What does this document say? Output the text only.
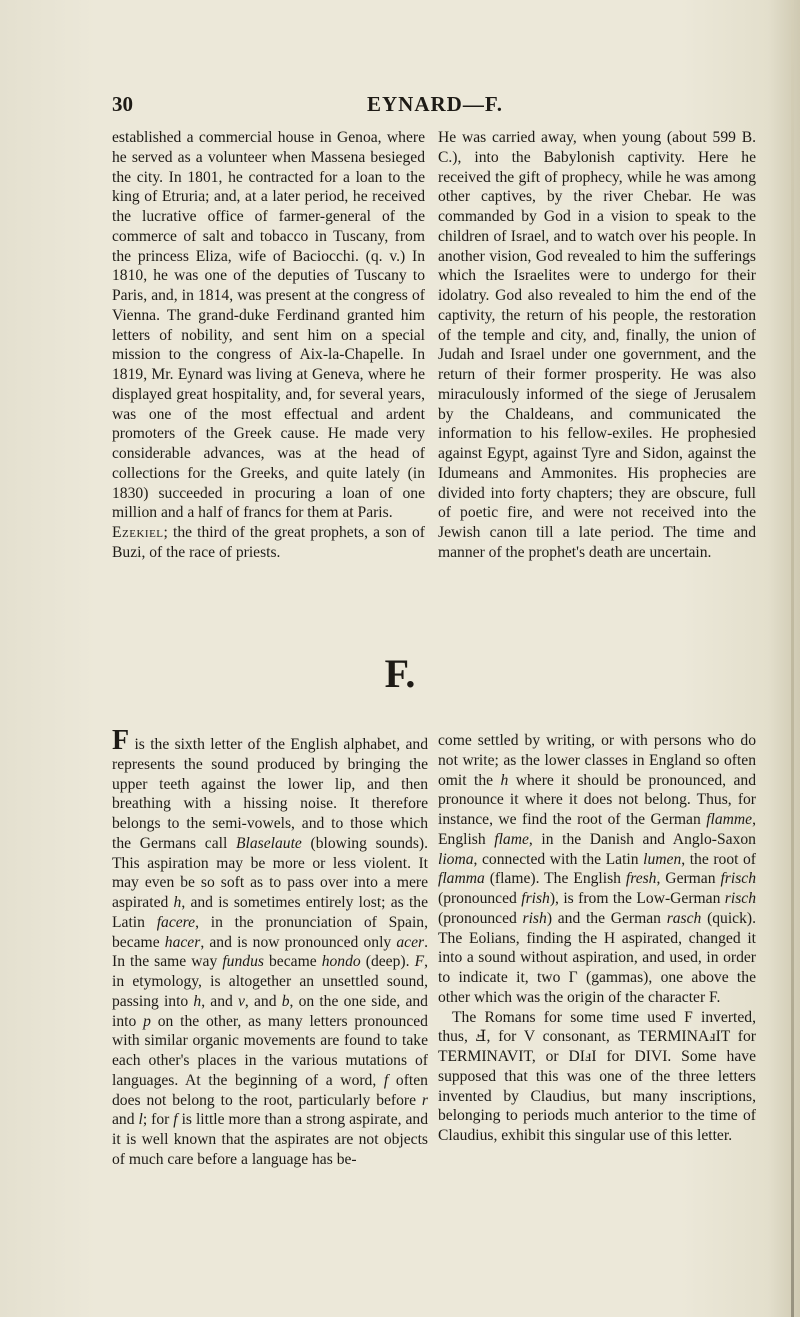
30	EYNARD—F.

established a commercial house in Genoa, where he served as a volunteer when Massena besieged the city. In 1801, he contracted for a loan to the king of Etruria; and, at a later period, he received the lucrative office of farmer-general of the commerce of salt and tobacco in Tuscany, from the princess Eliza, wife of Baciocchi. (q. v.) In 1810, he was one of the deputies of Tuscany to Paris, and, in 1814, was present at the congress of Vienna. The grand-duke Ferdinand granted him letters of nobility, and sent him on a special mission to the congress of Aix-la-Chapelle. In 1819, Mr. Eynard was living at Geneva, where he displayed great hospitality, and, for several years, was one of the most effectual and ardent promoters of the Greek cause. He made very considerable advances, was at the head of collections for the Greeks, and quite lately (in 1830) succeeded in procuring a loan of one million and a half of francs for them at Paris.

Ezekiel; the third of the great prophets, a son of Buzi, of the race of priests.

He was carried away, when young (about 599 B. C.), into the Babylonish captivity. Here he received the gift of prophecy, while he was among other captives, by the river Chebar. He was commanded by God in a vision to speak to the children of Israel, and to watch over his people. In another vision, God revealed to him the sufferings which the Israelites were to undergo for their idolatry. God also revealed to him the end of the captivity, the return of his people, the restoration of the temple and city, and, finally, the union of Judah and Israel under one government, and the return of their former prosperity. He was also miraculously informed of the siege of Jerusalem by the Chaldeans, and communicated the information to his fellow-exiles. He prophesied against Egypt, against Tyre and Sidon, against the Idumeans and Ammonites. His prophecies are divided into forty chapters; they are obscure, full of poetic fire, and were not received into the Jewish canon till a late period. The time and manner of the prophet's death are uncertain.

F.

F is the sixth letter of the English alphabet, and represents the sound produced by bringing the upper teeth against the lower lip, and then breathing with a hissing noise. It therefore belongs to the semi-vowels, and to those which the Germans call Blaselaute (blowing sounds). This aspiration may be more or less violent. It may even be so soft as to pass over into a mere aspirated h, and is sometimes entirely lost; as the Latin facere, in the pronunciation of Spain, became hacer, and is now pronounced only acer. In the same way fundus became hondo (deep). F, in etymology, is altogether an unsettled sound, passing into h, and v, and b, on the one side, and into p on the other, as many letters pronounced with similar organic movements are found to take each other's places in the various mutations of languages. At the beginning of a word, f often does not belong to the root, particularly before r and l; for f is little more than a strong aspirate, and it is well known that the aspirates are not objects of much care before a language has be-

come settled by writing, or with persons who do not write; as the lower classes in England so often omit the h where it should be pronounced, and pronounce it where it does not belong. Thus, for instance, we find the root of the German flamme, English flame, in the Danish and Anglo-Saxon lioma, connected with the Latin lumen, the root of flamma (flame). The English fresh, German frisch (pronounced frish), is from the Low-German risch (pronounced rish) and the German rasch (quick). The Eolians, finding the H aspirated, changed it into a sound without aspiration, and used, in order to indicate it, two Γ (gammas), one above the other which was the origin of the character F.

The Romans for some time used F inverted, thus, Ⅎ, for V consonant, as TERMINAⅎIT for TERMINAVIT, or DIⅎI for DIVI. Some have supposed that this was one of the three letters invented by Claudius, but many inscriptions, belonging to periods much anterior to the time of Claudius, exhibit this singular use of this letter.
